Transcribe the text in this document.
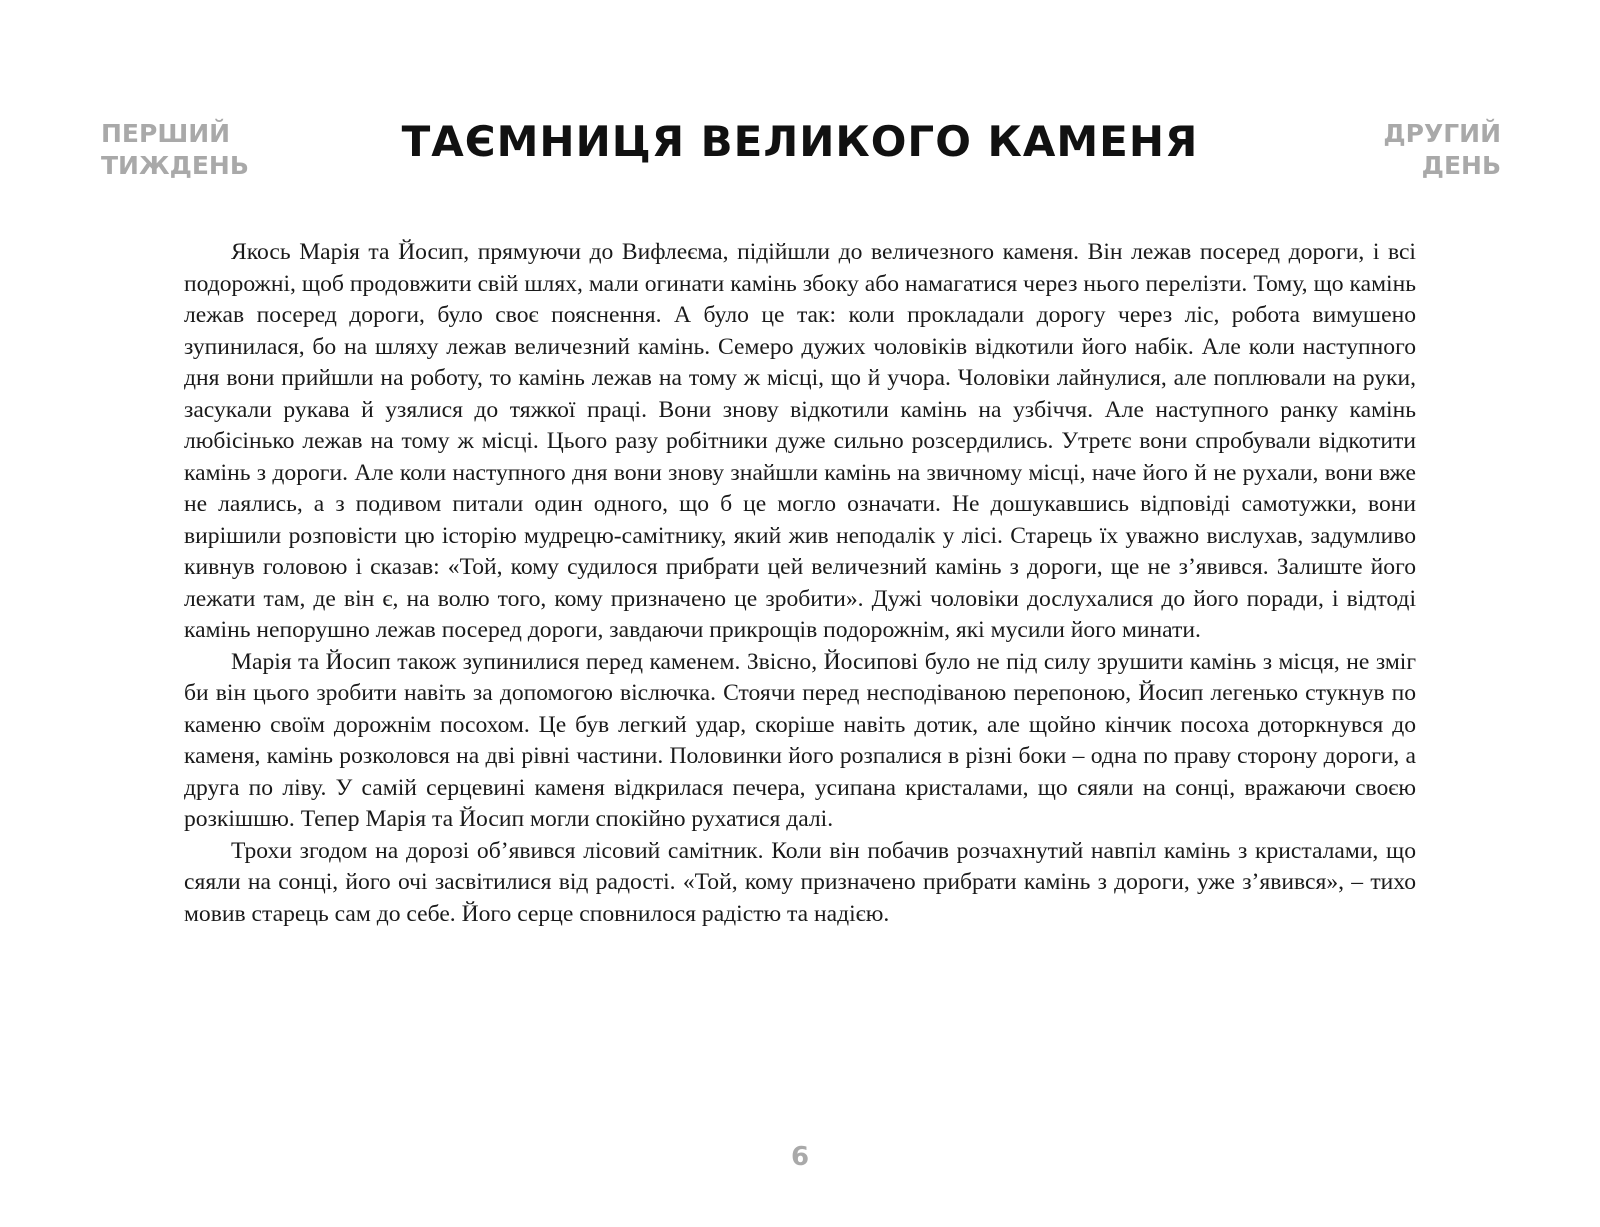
ПЕРШИЙ
ТИЖДЕНЬ	ТАЄМНИЦЯ ВЕЛИКОГО КАМЕНЯ	ДРУГИЙ
ДЕНЬ

Якось Марія та Йосип, прямуючи до Вифлеєма, підійшли до величезного каменя. Він лежав посеред дороги, і всі подорожні, щоб продовжити свій шлях, мали огинати камінь збоку або намагатися через нього перелізти. Тому, що камінь лежав посеред дороги, було своє пояснення. А було це так: коли прокладали дорогу через ліс, робота вимушено зупинилася, бо на шляху лежав величезний камінь. Семеро дужих чоловіків відкотили його набік. Але коли наступного дня вони прийшли на роботу, то камінь лежав на тому ж місці, що й учора. Чоловіки лайнулися, але поплювали на руки, засукали рукава й узялися до тяжкої праці. Вони знову відкотили камінь на узбіччя. Але наступного ранку камінь любісінько лежав на тому ж місці. Цього разу робітники дуже сильно розсердились. Утретє вони спробували відкотити камінь з дороги. Але коли наступного дня вони знову знайшли камінь на звичному місці, наче його й не рухали, вони вже не лаялись, а з подивом питали один одного, що б це могло означати. Не дошукавшись відповіді самотужки, вони вирішили розповісти цю історію мудрецю-самітнику, який жив неподалік у лісі. Старець їх уважно вислухав, задумливо кивнув головою і сказав: «Той, кому судилося прибрати цей величезний камінь з дороги, ще не з’явився. Залиште його лежати там, де він є, на волю того, кому призначено це зробити». Дужі чоловіки дослухалися до його поради, і відтоді камінь непорушно лежав посеред дороги, завдаючи прикрощів подорожнім, які мусили його минати.

Марія та Йосип також зупинилися перед каменем. Звісно, Йосипові було не під силу зрушити камінь з місця, не зміг би він цього зробити навіть за допомогою віслючка. Стоячи перед несподіваною перепоною, Йосип легенько стукнув по каменю своїм дорожнім посохом. Це був легкий удар, скоріше навіть дотик, але щойно кінчик посоха доторкнувся до каменя, камінь розколовся на дві рівні частини. Половинки його розпалися в різні боки – одна по праву сторону дороги, а друга по ліву. У самій серцевині каменя відкрилася печера, усипана кристалами, що сяяли на сонці, вражаючи своєю розкішшю. Тепер Марія та Йосип могли спокійно рухатися далі.

Трохи згодом на дорозі об’явився лісовий самітник. Коли він побачив розчахнутий навпіл камінь з кристалами, що сяяли на сонці, його очі засвітилися від радості. «Той, кому призначено прибрати камінь з дороги, уже з’явився», – тихо мовив старець сам до себе. Його серце сповнилося радістю та надією.

6
